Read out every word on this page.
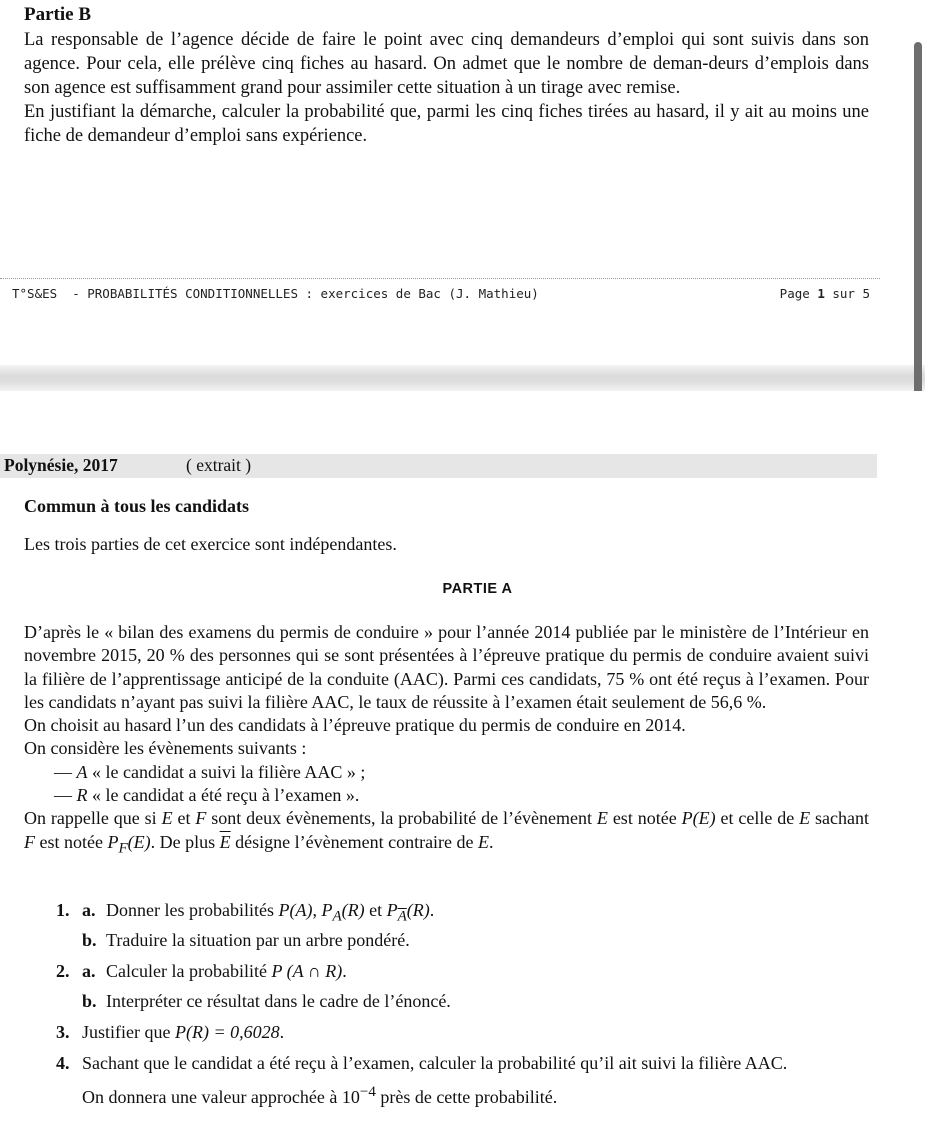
Partie B

La responsable de l’agence décide de faire le point avec cinq demandeurs d’emploi qui sont suivis dans son agence. Pour cela, elle prélève cinq fiches au hasard. On admet que le nombre de deman-deurs d’emplois dans son agence est suffisamment grand pour assimiler cette situation à un tirage avec remise.

En justifiant la démarche, calculer la probabilité que, parmi les cinq fiches tirées au hasard, il y ait au moins une fiche de demandeur d’emploi sans expérience.

T°S&ES  - PROBABILITÉS CONDITIONNELLES : exercices de Bac (J. Mathieu)	Page 1 sur 5
Polynésie, 2017	( extrait )
Commun à tous les candidats
Les trois parties de cet exercice sont indépendantes.
PARTIE A

D’après le « bilan des examens du permis de conduire » pour l’année 2014 publiée par le ministère de l’Intérieur en novembre 2015, 20 % des personnes qui se sont présentées à l’épreuve pratique du permis de conduire avaient suivi la filière de l’apprentissage anticipé de la conduite (AAC). Parmi ces candidats, 75 % ont été reçus à l’examen. Pour les candidats n’ayant pas suivi la filière AAC, le taux de réussite à l’examen était seulement de 56,6 %.

On choisit au hasard l’un des candidats à l’épreuve pratique du permis de conduire en 2014.

On considère les évènements suivants :

— A « le candidat a suivi la filière AAC » ;

— R « le candidat a été reçu à l’examen ».

On rappelle que si E et F sont deux évènements, la probabilité de l’évènement E est notée P(E) et celle de E sachant F est notée $P_F(E)$. De plus $\overline{E}$ désigne l’évènement contraire de E.

1. a. Donner les probabilités P(A), $P_A(R)$ et $P_{\overline{A}}(R)$.
b. Traduire la situation par un arbre pondéré.
2. a. Calculer la probabilité P (A ∩ R).
b. Interpréter ce résultat dans le cadre de l’énoncé.
3. Justifier que P(R) = 0,6028.
4. Sachant que le candidat a été reçu à l’examen, calculer la probabilité qu’il ait suivi la filière AAC.
On donnera une valeur approchée à $10^{-4}$ près de cette probabilité.
